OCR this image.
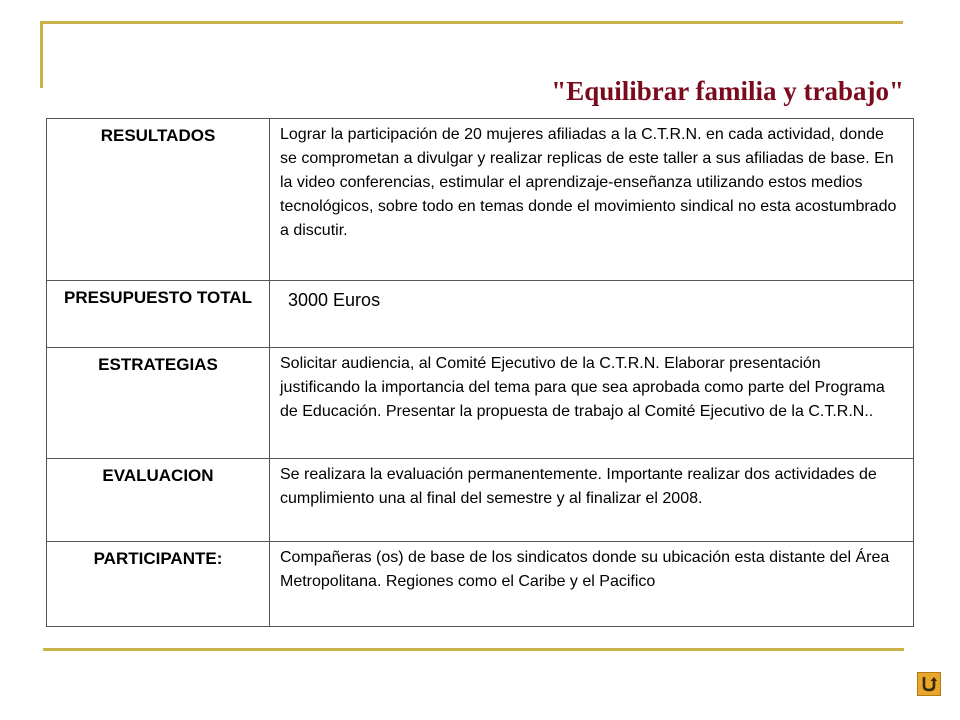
"Equilibrar familia y trabajo"
RESULTADOS	Lograr la participación de 20 mujeres afiliadas a la C.T.R.N. en cada actividad, donde se comprometan a divulgar y realizar replicas de este taller a sus afiliadas de base. En la video conferencias, estimular el aprendizaje-enseñanza utilizando estos medios tecnológicos, sobre todo en temas donde el movimiento sindical no esta acostumbrado a discutir.
PRESUPUESTO TOTAL	3000 Euros
ESTRATEGIAS	Solicitar audiencia, al Comité Ejecutivo de la C.T.R.N. Elaborar presentación justificando la importancia del tema para que sea aprobada como parte del Programa de Educación. Presentar la propuesta de trabajo al Comité Ejecutivo de la C.T.R.N..
EVALUACION	Se realizara la evaluación permanentemente. Importante realizar dos actividades de cumplimiento una al final del semestre y al finalizar el 2008.
PARTICIPANTE:	Compañeras (os) de base de los sindicatos donde su ubicación esta distante del Área Metropolitana. Regiones como el Caribe y el Pacifico
